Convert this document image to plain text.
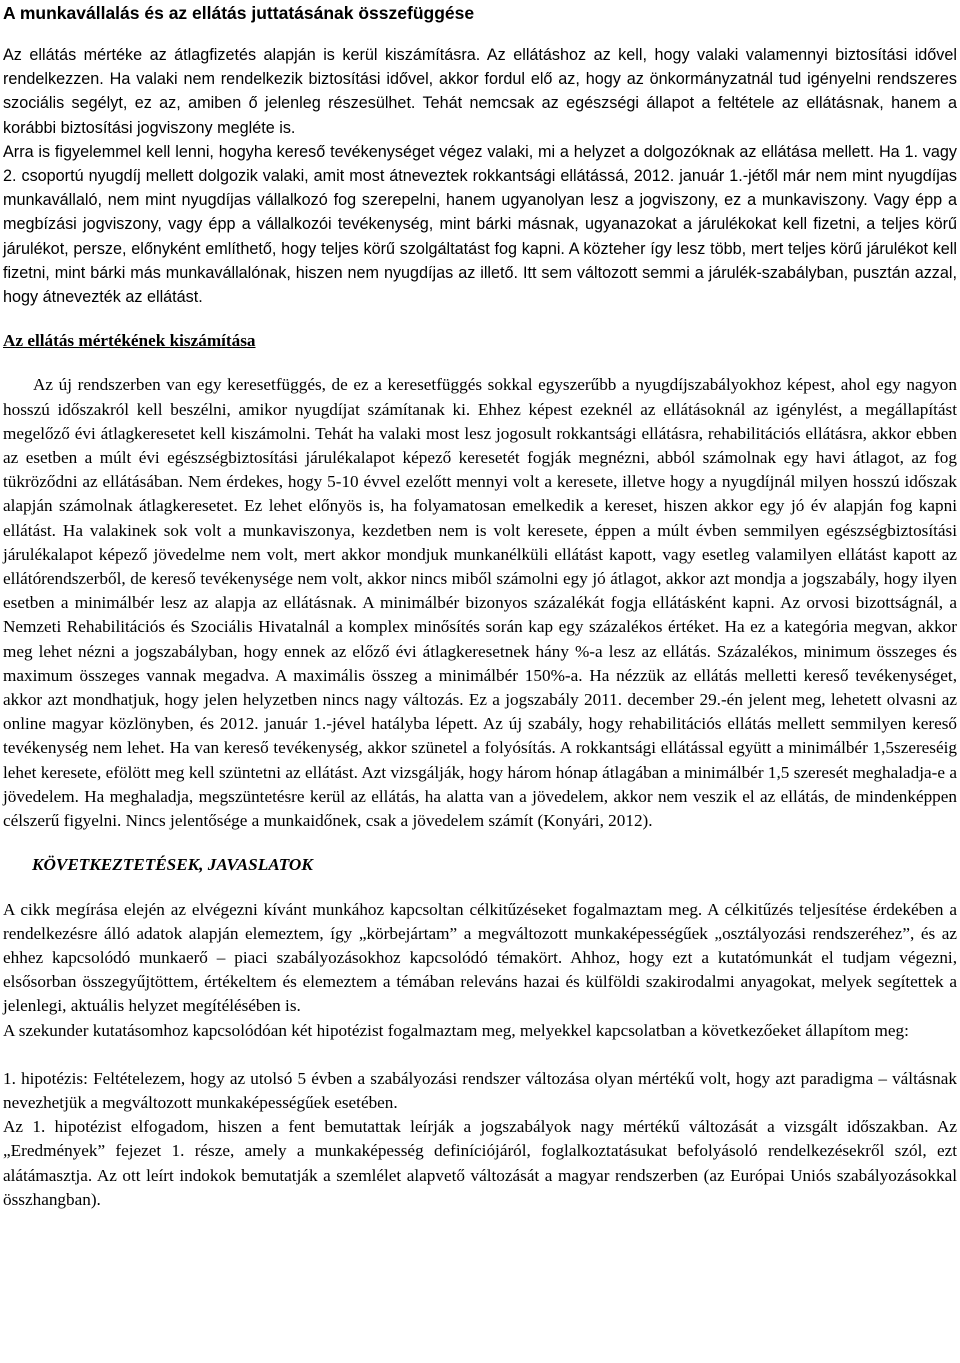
A munkavállalás és az ellátás juttatásának összefüggése

Az ellátás mértéke az átlagfizetés alapján is kerül kiszámításra. Az ellátáshoz az kell, hogy valaki valamennyi biztosítási idővel rendelkezzen. Ha valaki nem rendelkezik biztosítási idővel, akkor fordul elő az, hogy az önkormányzatnál tud igényelni rendszeres szociális segélyt, ez az, amiben ő jelenleg részesülhet. Tehát nemcsak az egészségi állapot a feltétele az ellátásnak, hanem a korábbi biztosítási jogviszony megléte is.

Arra is figyelemmel kell lenni, hogyha kereső tevékenységet végez valaki, mi a helyzet a dolgozóknak az ellátása mellett. Ha 1. vagy 2. csoportú nyugdíj mellett dolgozik valaki, amit most átneveztek rokkantsági ellátássá, 2012. január 1.-jétől már nem mint nyugdíjas munkavállaló, nem mint nyugdíjas vállalkozó fog szerepelni, hanem ugyanolyan lesz a jogviszony, ez a munkaviszony. Vagy épp a megbízási jogviszony, vagy épp a vállalkozói tevékenység, mint bárki másnak, ugyanazokat a járulékokat kell fizetni, a teljes körű járulékot, persze, előnyként említhető, hogy teljes körű szolgáltatást fog kapni. A közteher így lesz több, mert teljes körű járulékot kell fizetni, mint bárki más munkavállalónak, hiszen nem nyugdíjas az illető. Itt sem változott semmi a járulék-szabályban, pusztán azzal, hogy átnevezték az ellátást.

Az ellátás mértékének kiszámítása

Az új rendszerben van egy keresetfüggés, de ez a keresetfüggés sokkal egyszerűbb a nyugdíjszabályokhoz képest, ahol egy nagyon hosszú időszakról kell beszélni, amikor nyugdíjat számítanak ki. Ehhez képest ezeknél az ellátásoknál az igénylést, a megállapítást megelőző évi átlagkeresetet kell kiszámolni. Tehát ha valaki most lesz jogosult rokkantsági ellátásra, rehabilitációs ellátásra, akkor ebben az esetben a múlt évi egészségbiztosítási járulékalapot képező keresetét fogják megnézni, abból számolnak egy havi átlagot, az fog tükröződni az ellátásában. Nem érdekes, hogy 5-10 évvel ezelőtt mennyi volt a keresete, illetve hogy a nyugdíjnál milyen hosszú időszak alapján számolnak átlagkeresetet. Ez lehet előnyös is, ha folyamatosan emelkedik a kereset, hiszen akkor egy jó év alapján fog kapni ellátást. Ha valakinek sok volt a munkaviszonya, kezdetben nem is volt keresete, éppen a múlt évben semmilyen egészségbiztosítási járulékalapot képező jövedelme nem volt, mert akkor mondjuk munkanélküli ellátást kapott, vagy esetleg valamilyen ellátást kapott az ellátórendszerből, de kereső tevékenysége nem volt, akkor nincs miből számolni egy jó átlagot, akkor azt mondja a jogszabály, hogy ilyen esetben a minimálbér lesz az alapja az ellátásnak. A minimálbér bizonyos százalékát fogja ellátásként kapni. Az orvosi bizottságnál, a Nemzeti Rehabilitációs és Szociális Hivatalnál a komplex minősítés során kap egy százalékos értéket. Ha ez a kategória megvan, akkor meg lehet nézni a jogszabályban, hogy ennek az előző évi átlagkeresetnek hány %-a lesz az ellátás. Százalékos, minimum összeges és maximum összeges vannak megadva. A maximális összeg a minimálbér 150%-a. Ha nézzük az ellátás melletti kereső tevékenységet, akkor azt mondhatjuk, hogy jelen helyzetben nincs nagy változás. Ez a jogszabály 2011. december 29.-én jelent meg, lehetett olvasni az online magyar közlönyben, és 2012. január 1.-jével hatályba lépett. Az új szabály, hogy rehabilitációs ellátás mellett semmilyen kereső tevékenység nem lehet. Ha van kereső tevékenység, akkor szünetel a folyósítás. A rokkantsági ellátással együtt a minimálbér 1,5szereséig lehet keresete, efölött meg kell szüntetni az ellátást. Azt vizsgálják, hogy három hónap átlagában a minimálbér 1,5 szeresét meghaladja-e a jövedelem. Ha meghaladja, megszüntetésre kerül az ellátás, ha alatta van a jövedelem, akkor nem veszik el az ellátás, de mindenképpen célszerű figyelni. Nincs jelentősége a munkaidőnek, csak a jövedelem számít (Konyári, 2012).

KÖVETKEZTETÉSEK, JAVASLATOK

A cikk megírása elején az elvégezni kívánt munkához kapcsoltan célkitűzéseket fogalmaztam meg. A célkitűzés teljesítése érdekében a rendelkezésre álló adatok alapján elemeztem, így „körbejártam” a megváltozott munkaképességűek „osztályozási rendszeréhez”, és az ehhez kapcsolódó munkaerő – piaci szabályozásokhoz kapcsolódó témakört. Ahhoz, hogy ezt a kutatómunkát el tudjam végezni, elsősorban összegyűjtöttem, értékeltem és elemeztem a témában releváns hazai és külföldi szakirodalmi anyagokat, melyek segítettek a jelenlegi, aktuális helyzet megítélésében is.

A szekunder kutatásomhoz kapcsolódóan két hipotézist fogalmaztam meg, melyekkel kapcsolatban a következőeket állapítom meg:

1. hipotézis: Feltételezem, hogy az utolsó 5 évben a szabályozási rendszer változása olyan mértékű volt, hogy azt paradigma – váltásnak nevezhetjük a megváltozott munkaképességűek esetében.

Az 1. hipotézist elfogadom, hiszen a fent bemutattak leírják a jogszabályok nagy mértékű változását a vizsgált időszakban. Az „Eredmények” fejezet 1. része, amely a munkaképesség definíciójáról, foglalkoztatásukat befolyásoló rendelkezésekről szól, ezt alátámasztja. Az ott leírt indokok bemutatják a szemlélet alapvető változását a magyar rendszerben (az Európai Uniós szabályozásokkal összhangban).
